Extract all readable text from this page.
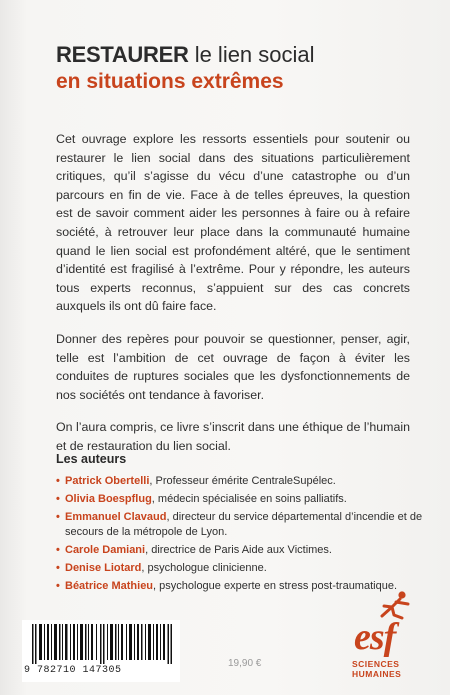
RESTAURER le lien social
en situations extrêmes

Cet ouvrage explore les ressorts essentiels pour soutenir ou restaurer le lien social dans des situations particulièrement critiques, qu’il s’agisse du vécu d’une catastrophe ou d’un parcours en fin de vie. Face à de telles épreuves, la question est de savoir comment aider les personnes à faire ou à refaire société, à retrouver leur place dans la communauté humaine quand le lien social est profondément altéré, que le sentiment d’identité est fragilisé à l’extrême. Pour y répondre, les auteurs tous experts reconnus, s’appuient sur des cas concrets auxquels ils ont dû faire face.

Donner des repères pour pouvoir se questionner, penser, agir, telle est l’ambition de cet ouvrage de façon à éviter les conduites de ruptures sociales que les dysfonctionnements de nos sociétés ont tendance à favoriser.

On l’aura compris, ce livre s’inscrit dans une éthique de l’humain et de restauration du lien social.

Les auteurs
• Patrick Obertelli, Professeur émérite CentraleSupélec.
• Olivia Boespflug, médecin spécialisée en soins palliatifs.
• Emmanuel Clavaud, directeur du service départemental d’incendie et de secours de la métropole de Lyon.
• Carole Damiani, directrice de Paris Aide aux Victimes.
• Denise Liotard, psychologue clinicienne.
• Béatrice Mathieu, psychologue experte en stress post-traumatique.
9 782710 147305
19,90 €
esf
SCIENCES
HUMAINES
